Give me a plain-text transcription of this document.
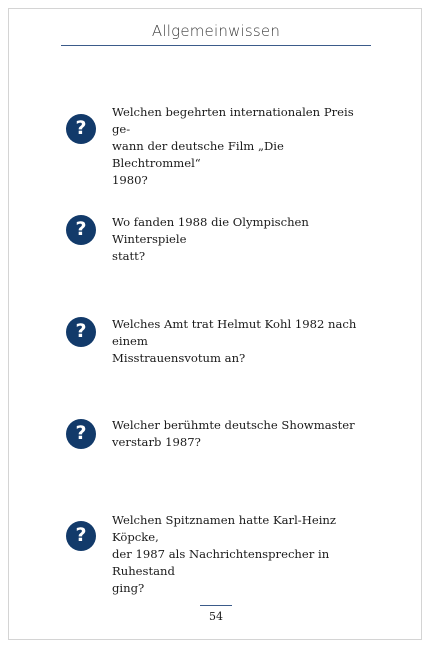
Allgemeinwissen
?
Welchen begehrten internationalen Preis ge-
wann der deutsche Film „Die Blechtrommel“
1980?
? Wo fanden 1988 die Olympischen Winterspiele
statt?
? Welches Amt trat Helmut Kohl 1982 nach einem
Misstrauensvotum an?
? Welcher berühmte deutsche Showmaster
verstarb 1987?
?
Welchen Spitznamen hatte Karl-Heinz Köpcke,
der 1987 als Nachrichtensprecher in Ruhestand
ging?
54
